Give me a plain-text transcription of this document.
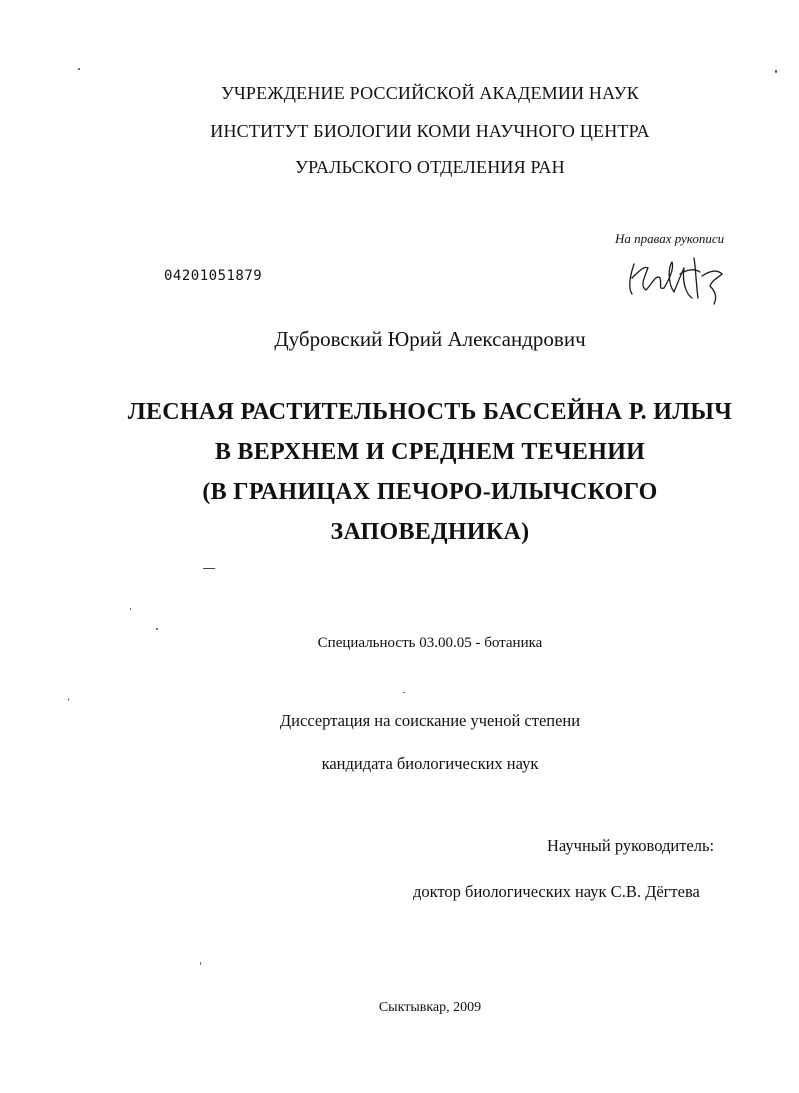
УЧРЕЖДЕНИЕ РОССИЙСКОЙ АКАДЕМИИ НАУК
ИНСТИТУТ БИОЛОГИИ КОМИ НАУЧНОГО ЦЕНТРА
УРАЛЬСКОГО ОТДЕЛЕНИЯ РАН
На правах рукописи
04201051879
Дубровский Юрий Александрович
ЛЕСНАЯ РАСТИТЕЛЬНОСТЬ БАССЕЙНА Р. ИЛЫЧ
В ВЕРХНЕМ И СРЕДНЕМ ТЕЧЕНИИ
(В ГРАНИЦАХ ПЕЧОРО-ИЛЫЧСКОГО
ЗАПОВЕДНИКА)
Специальность 03.00.05 - ботаника
Диссертация на соискание ученой степени
кандидата биологических наук
Научный руководитель:
доктор биологических наук С.В. Дёгтева
Сыктывкар, 2009
